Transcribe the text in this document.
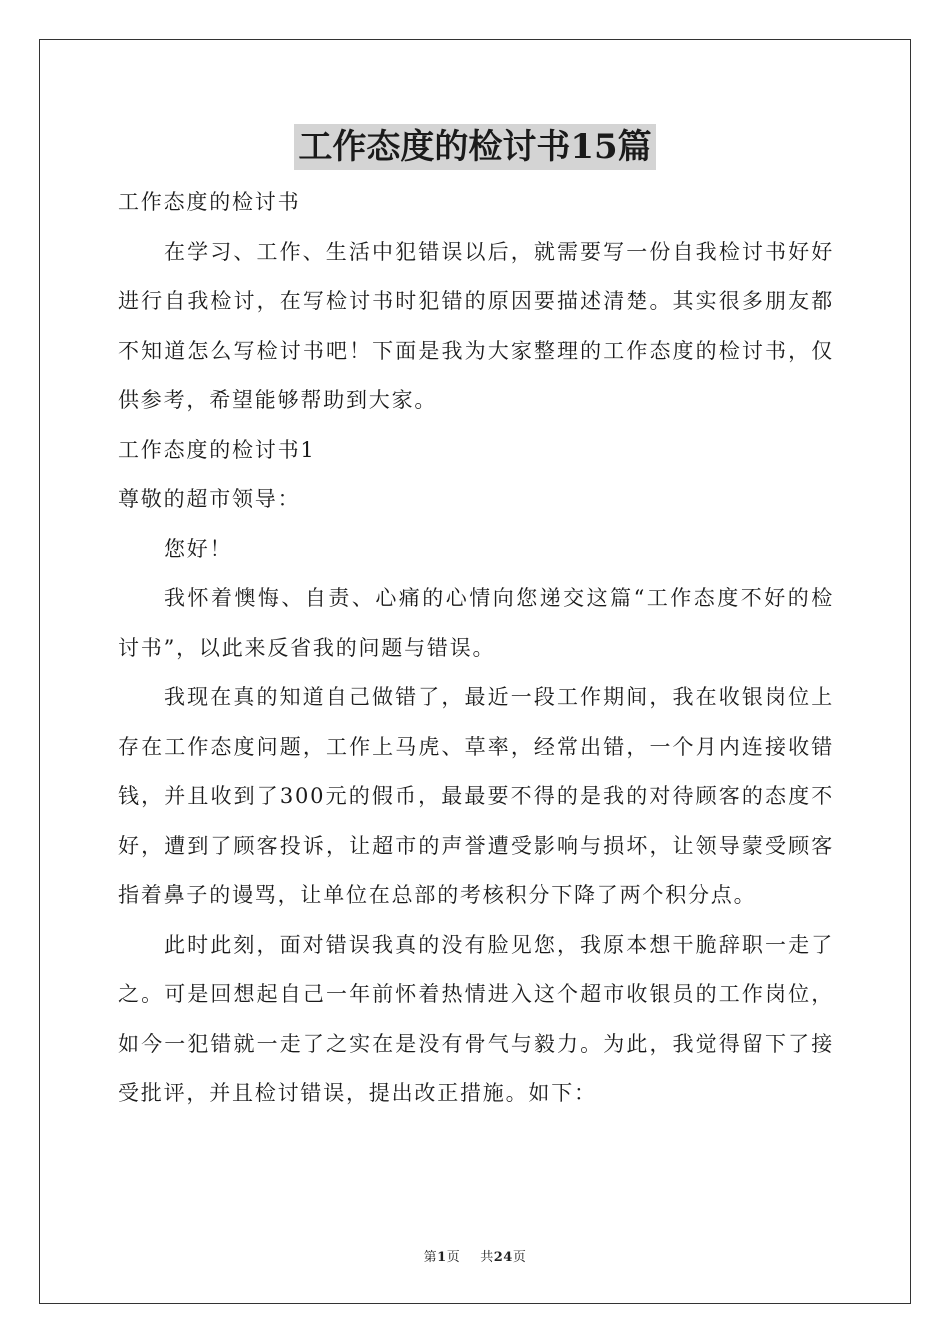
工作态度的检讨书15篇

工作态度的检讨书

在学习、工作、生活中犯错误以后，就需要写一份自我检讨书好好进行自我检讨，在写检讨书时犯错的原因要描述清楚。其实很多朋友都不知道怎么写检讨书吧！下面是我为大家整理的工作态度的检讨书，仅供参考，希望能够帮助到大家。

工作态度的检讨书1

尊敬的超市领导：

您好！

我怀着懊悔、自责、心痛的心情向您递交这篇“工作态度不好的检讨书”，以此来反省我的问题与错误。

我现在真的知道自己做错了，最近一段工作期间，我在收银岗位上存在工作态度问题，工作上马虎、草率，经常出错，一个月内连接收错钱，并且收到了300元的假币，最最要不得的是我的对待顾客的态度不好，遭到了顾客投诉，让超市的声誉遭受影响与损坏，让领导蒙受顾客指着鼻子的谩骂，让单位在总部的考核积分下降了两个积分点。

此时此刻，面对错误我真的没有脸见您，我原本想干脆辞职一走了之。可是回想起自己一年前怀着热情进入这个超市收银员的工作岗位，如今一犯错就一走了之实在是没有骨气与毅力。为此，我觉得留下了接受批评，并且检讨错误，提出改正措施。如下：

第1页 共24页
